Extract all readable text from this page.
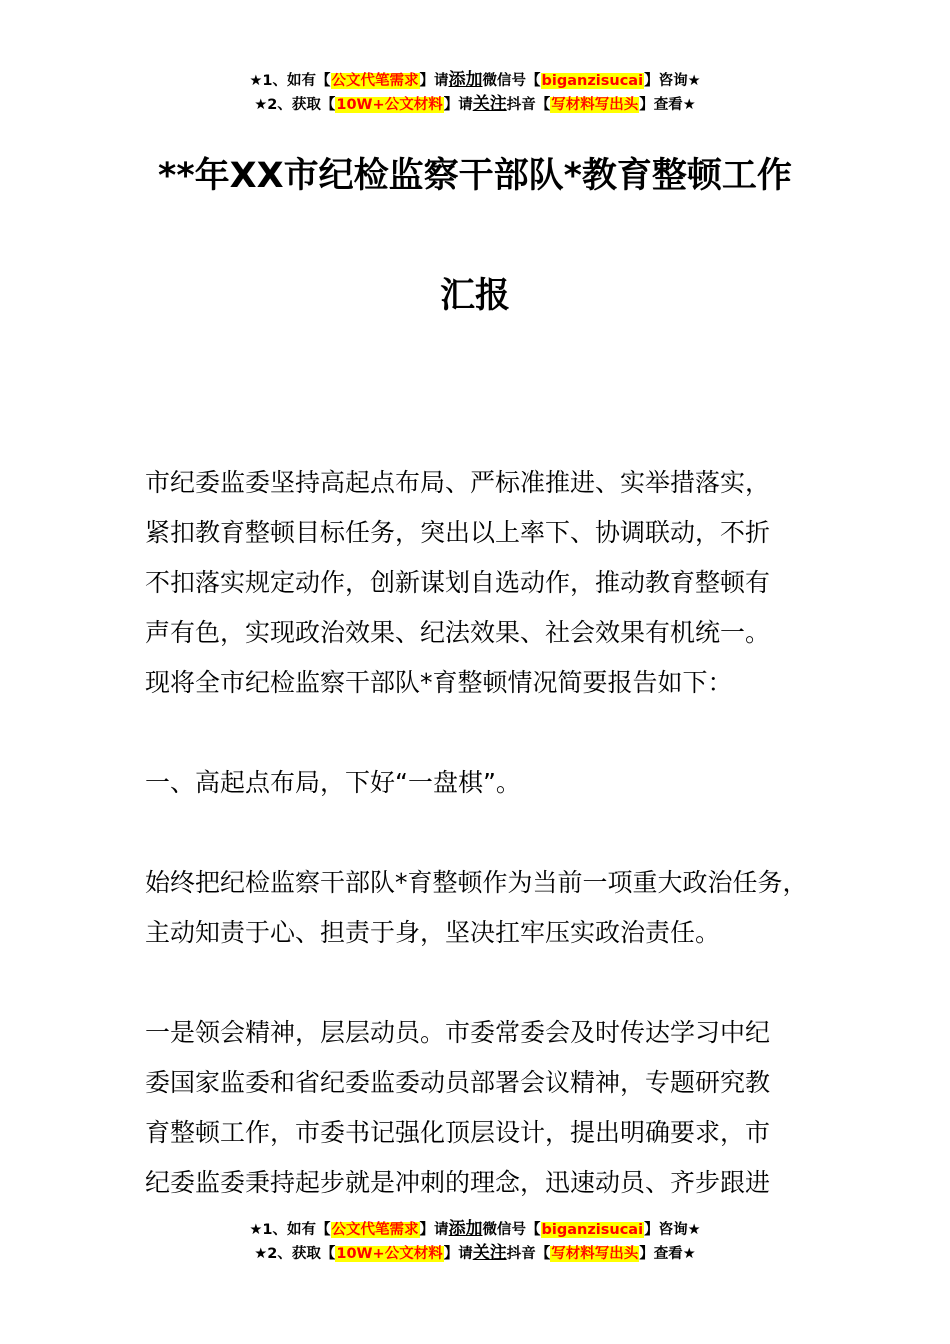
★1、如有【公文代笔需求】请添加微信号【biganzisucai】咨询★
★2、获取【10W+公文材料】请关注抖音【写材料写出头】查看★
**年XX市纪检监察干部队*教育整顿工作
汇报
市纪委监委坚持高起点布局、严标准推进、实举措落实，
紧扣教育整顿目标任务，突出以上率下、协调联动，不折
不扣落实规定动作，创新谋划自选动作，推动教育整顿有
声有色，实现政治效果、纪法效果、社会效果有机统一。
现将全市纪检监察干部队*育整顿情况简要报告如下：
一、高起点布局，下好“一盘棋”。
始终把纪检监察干部队*育整顿作为当前一项重大政治任务，
主动知责于心、担责于身，坚决扛牢压实政治责任。
一是领会精神，层层动员。市委常委会及时传达学习中纪
委国家监委和省纪委监委动员部署会议精神，专题研究教
育整顿工作，市委书记强化顶层设计，提出明确要求，市
纪委监委秉持起步就是冲刺的理念，迅速动员、齐步跟进
★1、如有【公文代笔需求】请添加微信号【biganzisucai】咨询★
★2、获取【10W+公文材料】请关注抖音【写材料写出头】查看★
